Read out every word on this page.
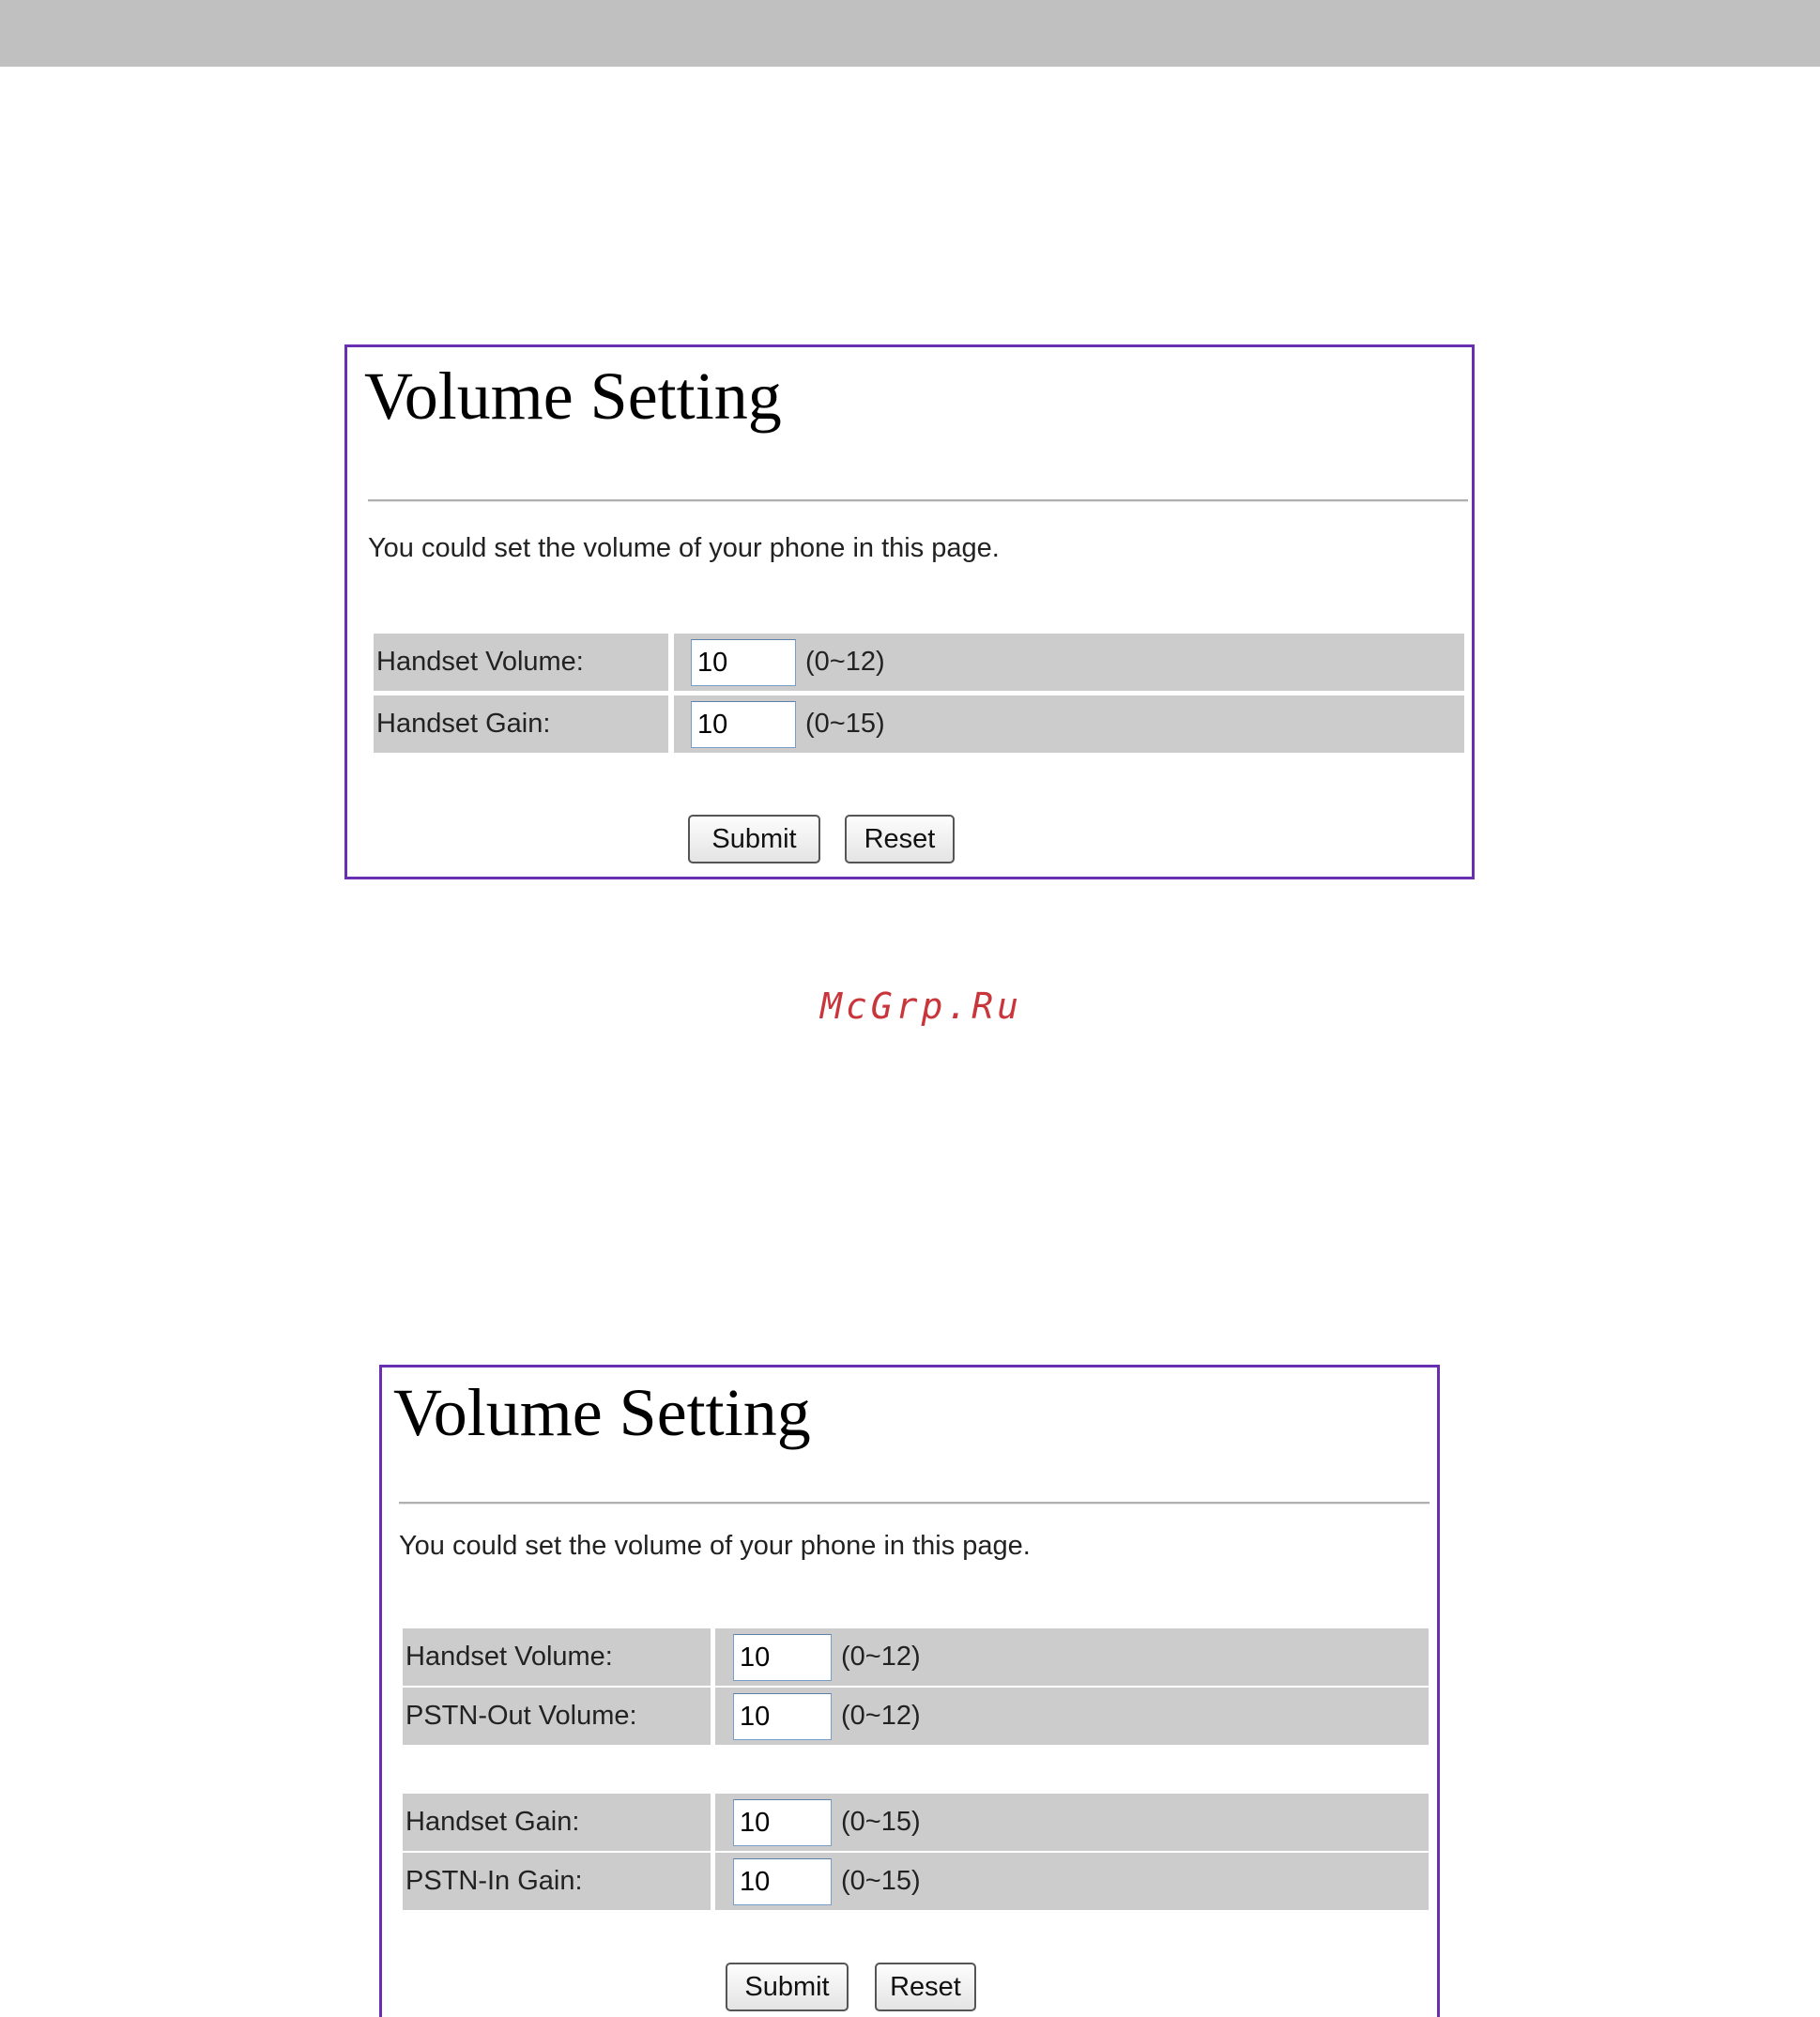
Volume Setting
You could set the volume of your phone in this page.
Handset Volume:
10	(0~12)
Handset Gain:
10	(0~15)
Submit	Reset
McGrp.Ru
Volume Setting
You could set the volume of your phone in this page.
Handset Volume:
10	(0~12)
PSTN-Out Volume:
10	(0~12)
Handset Gain:
10	(0~15)
PSTN-In Gain:
10	(0~15)
Submit	Reset
